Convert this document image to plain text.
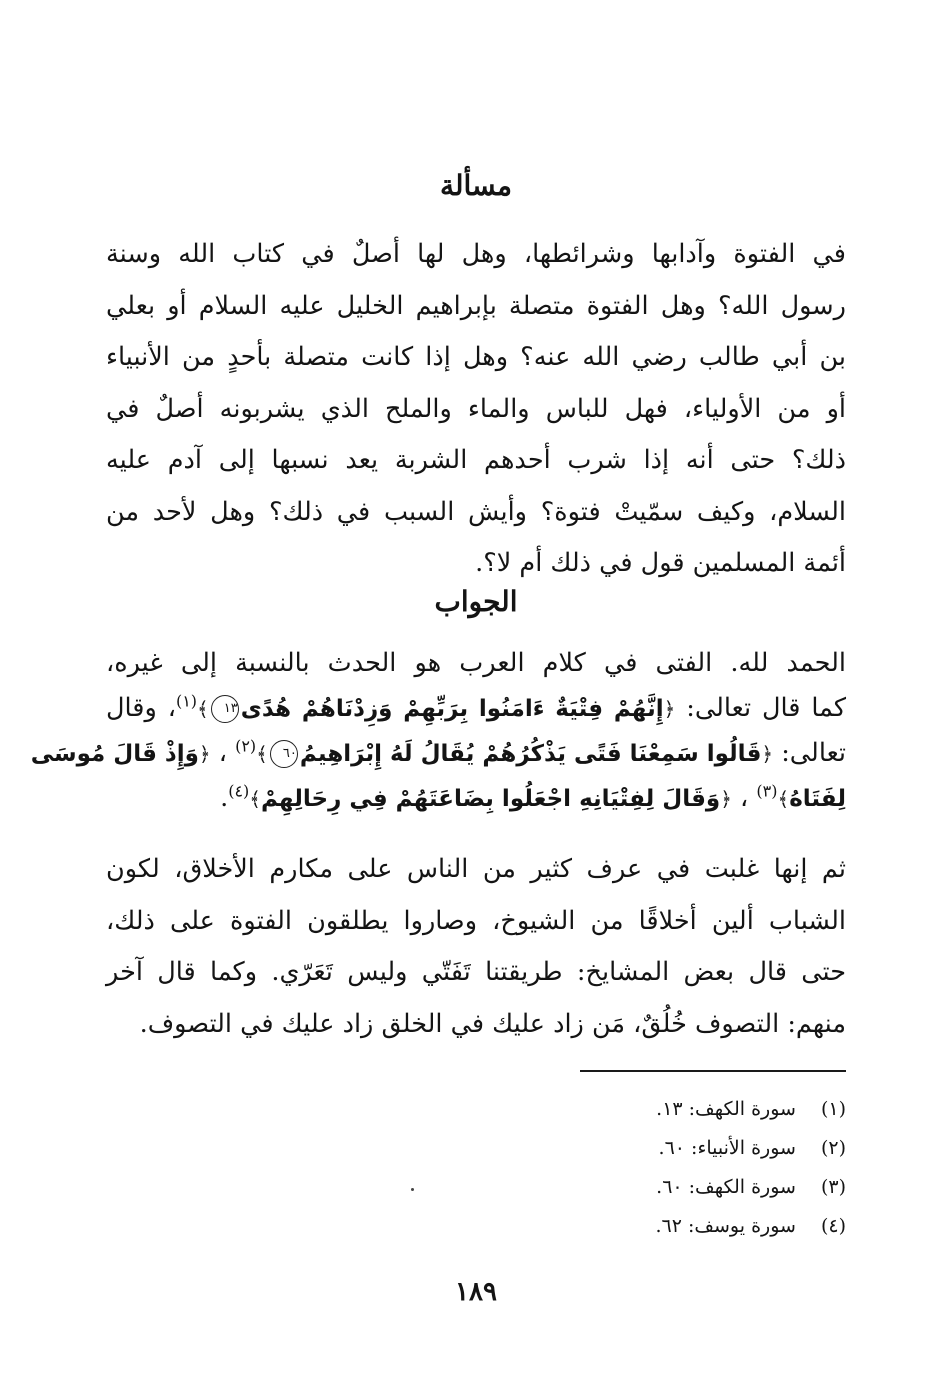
مسألة
في الفتوة وآدابها وشرائطها، وهل لها أصلٌ في كتاب الله وسنة
رسول الله؟ وهل الفتوة متصلة بإبراهيم الخليل عليه السلام أو بعلي
بن أبي طالب رضي الله عنه؟ وهل إذا كانت متصلة بأحدٍ من الأنبياء
أو من الأولياء، فهل للباس والماء والملح الذي يشربونه أصلٌ في
ذلك؟ حتى أنه إذا شرب أحدهم الشربة يعد نسبها إلى آدم عليه
السلام، وكيف سمّيتْ فتوة؟ وأيش السبب في ذلك؟ وهل لأحد من
أئمة المسلمين قول في ذلك أم لا؟.
الجواب
الحمد لله. الفتى في كلام العرب هو الحدث بالنسبة إلى غيره،
كما قال تعالى: ﴿إِنَّهُمْ فِتْيَةٌ ءَامَنُوا بِرَبِّهِمْ وَزِدْنَاهُمْ هُدًى١٣﴾$^{(١)}$، وقال
تعالى: ﴿قَالُوا سَمِعْنَا فَتًى يَذْكُرُهُمْ يُقَالُ لَهُ إِبْرَاهِيمُ٦٠﴾$^{(٢)}$ ، ﴿وَإِذْ قَالَ مُوسَى
لِفَتَاهُ﴾$^{(٣)}$ ، ﴿وَقَالَ لِفِتْيَانِهِ اجْعَلُوا بِضَاعَتَهُمْ فِي رِحَالِهِمْ﴾$^{(٤)}$.
ثم إنها غلبت في عرف كثير من الناس على مكارم الأخلاق، لكون
الشباب ألين أخلاقًا من الشيوخ، وصاروا يطلقون الفتوة على ذلك،
حتى قال بعض المشايخ: طريقتنا تَفَتّي وليس تَعَرّي. وكما قال آخر
منهم: التصوف خُلُقٌ، مَن زاد عليك في الخلق زاد عليك في التصوف.
(١) سورة الكهف: ١٣.
(٢) سورة الأنبياء: ٦٠.
(٣) سورة الكهف: ٦٠.
(٤) سورة يوسف: ٦٢.
١٨٩
